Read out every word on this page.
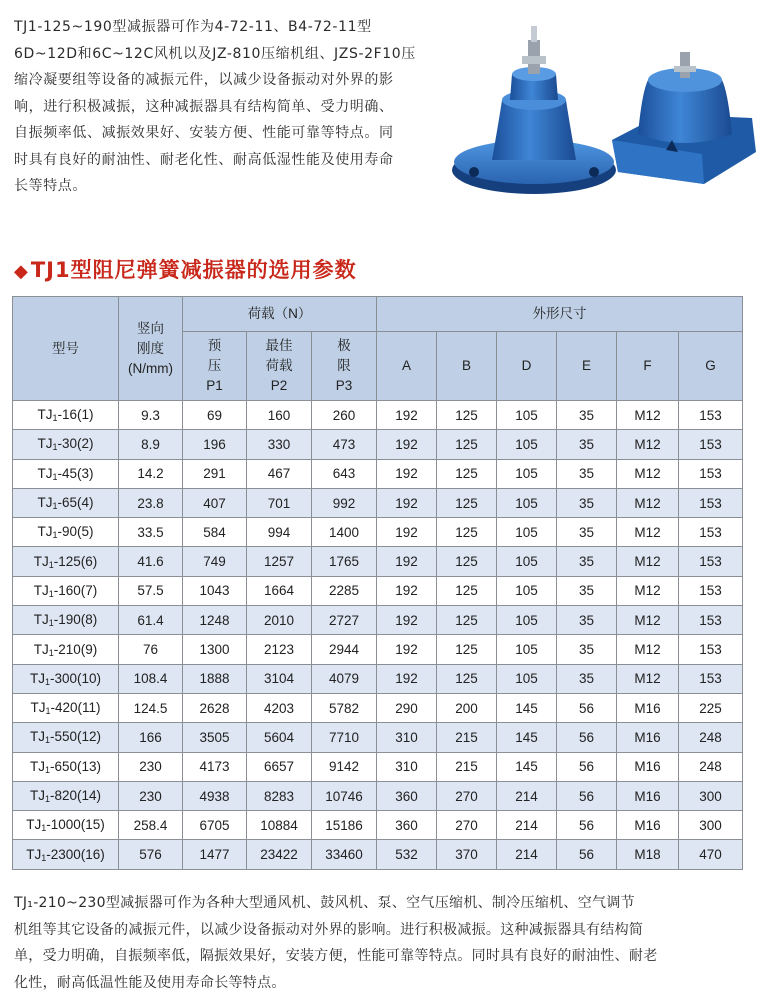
TJ1-125~190型减振器可作为4-72-11、B4-72-11型

6D~12D和6C~12C风机以及JZ-810压缩机组、JZS-2F10压

缩冷凝要组等设备的减振元件，以减少设备振动对外界的影

响，进行积极减振，这种减振器具有结构简单、受力明确、

自振频率低、减振效果好、安装方便、性能可靠等特点。同

时具有良好的耐油性、耐老化性、耐高低湿性能及使用寿命

长等特点。

◆TJ1型阻尼弹簧减振器的选用参数
型号	竖向
刚度
(N/mm)	荷载（N）			外形尺寸					
		预
压
P1	最佳
荷载
P2	极
限
P3	A	B	D	E	F	G
$TJ_1-16(1)$	9.3	69	160	260	192	125	105	35	M12	153
$TJ_1-30(2)$	8.9	196	330	473	192	125	105	35	M12	153
$TJ_1-45(3)$	14.2	291	467	643	192	125	105	35	M12	153
$TJ_1-65(4)$	23.8	407	701	992	192	125	105	35	M12	153
$TJ_1-90(5)$	33.5	584	994	1400	192	125	105	35	M12	153
$TJ_1-125(6)$	41.6	749	1257	1765	192	125	105	35	M12	153
$TJ_1-160(7)$	57.5	1043	1664	2285	192	125	105	35	M12	153
$TJ_1-190(8)$	61.4	1248	2010	2727	192	125	105	35	M12	153
$TJ_1-210(9)$	76	1300	2123	2944	192	125	105	35	M12	153
$TJ_1-300(10)$	108.4	1888	3104	4079	192	125	105	35	M12	153
$TJ_1-420(11)$	124.5	2628	4203	5782	290	200	145	56	M16	225
$TJ_1-550(12)$	166	3505	5604	7710	310	215	145	56	M16	248
$TJ_1-650(13)$	230	4173	6657	9142	310	215	145	56	M16	248
$TJ_1-820(14)$	230	4938	8283	10746	360	270	214	56	M16	300
$TJ_1-1000(15)$	258.4	6705	10884	15186	360	270	214	56	M16	300
$TJ_1-2300(16)$	576	1477	23422	33460	532	370	214	56	M18	470

TJ₁-210~230型减振器可作为各种大型通风机、鼓风机、泵、空气压缩机、制冷压缩机、空气调节

机组等其它设备的减振元件，以减少设备振动对外界的影响。进行积极减振。这种减振器具有结构简

单，受力明确，自振频率低，隔振效果好，安装方便，性能可靠等特点。同时具有良好的耐油性、耐老

化性，耐高低温性能及使用寿命长等特点。
